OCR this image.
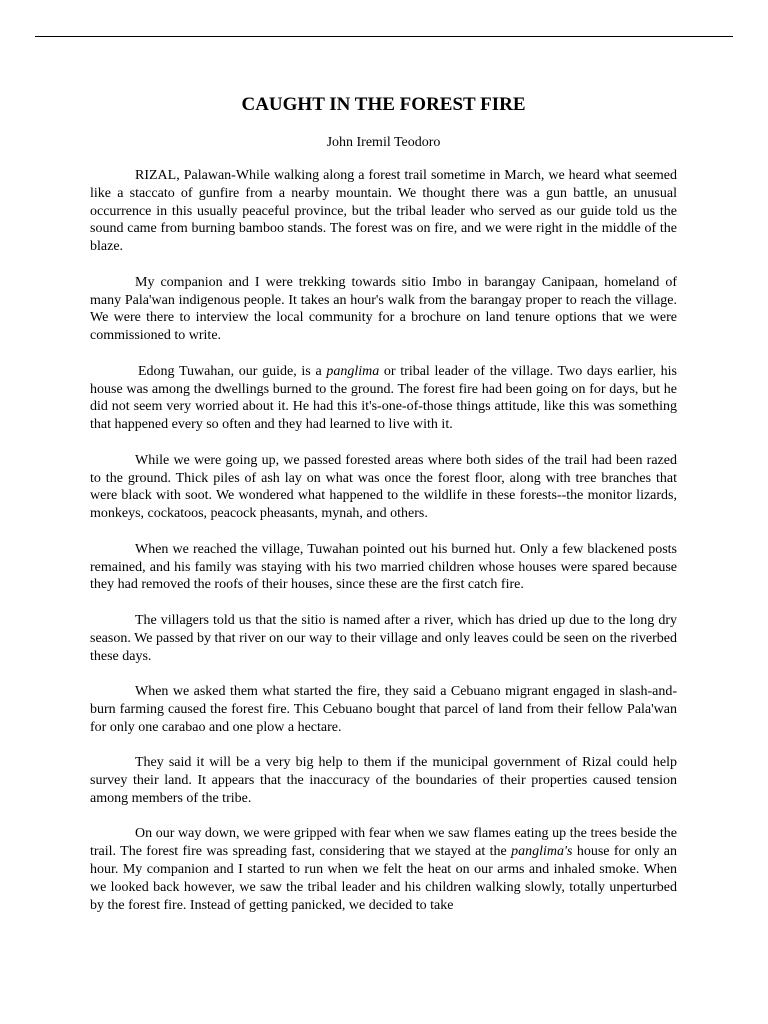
CAUGHT IN THE FOREST FIRE

John Iremil Teodoro

RIZAL, Palawan-While walking along a forest trail sometime in March, we heard what seemed like a staccato of gunfire from a nearby mountain. We thought there was a gun battle, an unusual occurrence in this usually peaceful province, but the tribal leader who served as our guide told us the sound came from burning bamboo stands. The forest was on fire, and we were right in the middle of the blaze.

My companion and I were trekking towards sitio Imbo in barangay Canipaan, homeland of many Pala'wan indigenous people. It takes an hour's walk from the barangay proper to reach the village. We were there to interview the local community for a brochure on land tenure options that we were commissioned to write.

Edong Tuwahan, our guide, is a panglima or tribal leader of the village. Two days earlier, his house was among the dwellings burned to the ground. The forest fire had been going on for days, but he did not seem very worried about it. He had this it's-one-of-those things attitude, like this was something that happened every so often and they had learned to live with it.

While we were going up, we passed forested areas where both sides of the trail had been razed to the ground. Thick piles of ash lay on what was once the forest floor, along with tree branches that were black with soot. We wondered what happened to the wildlife in these forests--the monitor lizards, monkeys, cockatoos, peacock pheasants, mynah, and others.

When we reached the village, Tuwahan pointed out his burned hut. Only a few blackened posts remained, and his family was staying with his two married children whose houses were spared because they had removed the roofs of their houses, since these are the first catch fire.

The villagers told us that the sitio is named after a river, which has dried up due to the long dry season. We passed by that river on our way to their village and only leaves could be seen on the riverbed these days.

When we asked them what started the fire, they said a Cebuano migrant engaged in slash-and-burn farming caused the forest fire. This Cebuano bought that parcel of land from their fellow Pala'wan for only one carabao and one plow a hectare.

They said it will be a very big help to them if the municipal government of Rizal could help survey their land. It appears that the inaccuracy of the boundaries of their properties caused tension among members of the tribe.

On our way down, we were gripped with fear when we saw flames eating up the trees beside the trail. The forest fire was spreading fast, considering that we stayed at the panglima's house for only an hour. My companion and I started to run when we felt the heat on our arms and inhaled smoke. When we looked back however, we saw the tribal leader and his children walking slowly, totally unperturbed by the forest fire. Instead of getting panicked, we decided to take
